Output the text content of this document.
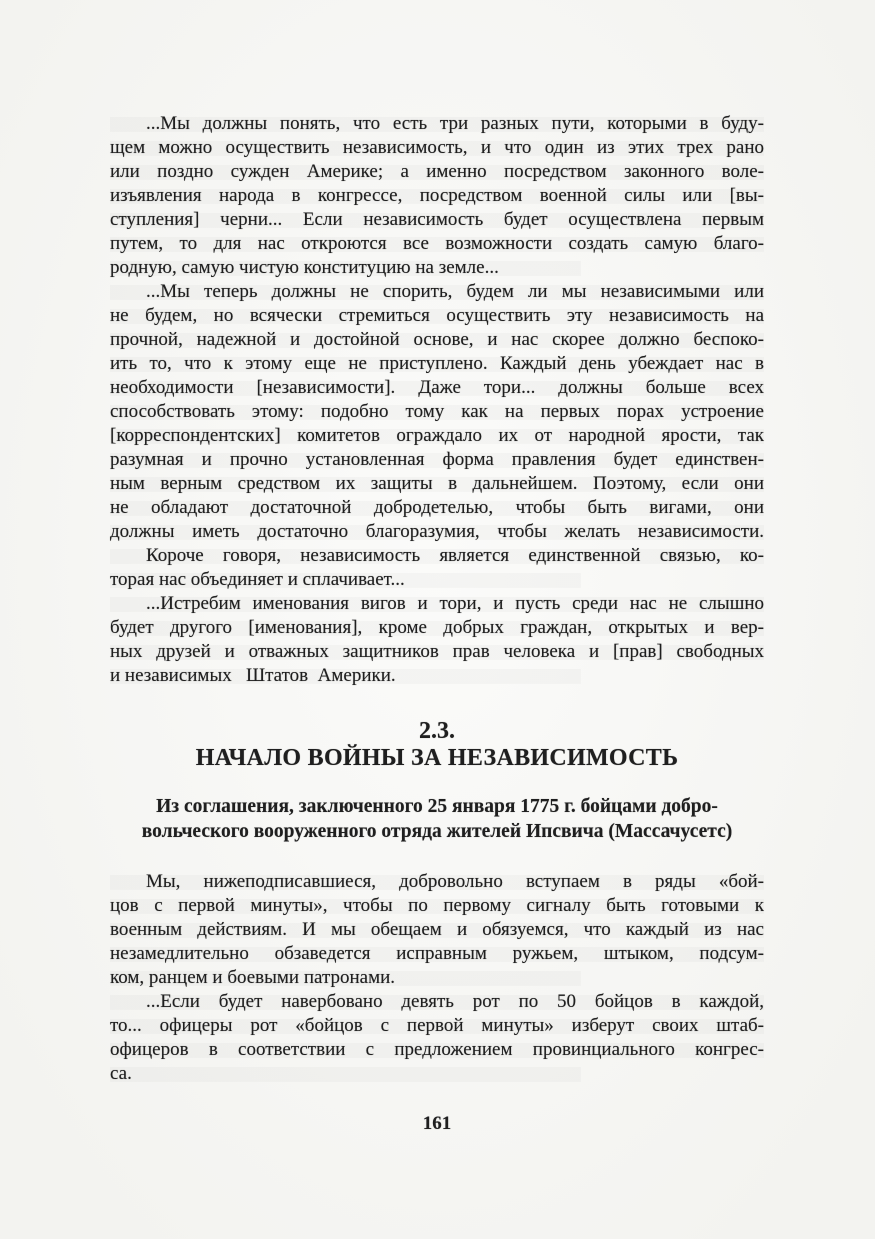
...Мы должны понять, что есть три разных пути, которыми в буду-
щем можно осуществить независимость, и что один из этих трех рано
или поздно сужден Америке; а именно посредством законного воле-
изъявления народа в конгрессе, посредством военной силы или [вы-
ступления] черни... Если независимость будет осуществлена первым
путем, то для нас откроются все возможности создать самую благо-
родную, самую чистую конституцию на земле...
...Мы теперь должны не спорить, будем ли мы независимыми или
не будем, но всячески стремиться осуществить эту независимость на
прочной, надежной и достойной основе, и нас скорее должно беспоко-
ить то, что к этому еще не приступлено. Каждый день убеждает нас в
необходимости [независимости]. Даже тори... должны больше всех
способствовать этому: подобно тому как на первых порах устроение
[корреспондентских] комитетов ограждало их от народной ярости, так
разумная и прочно установленная форма правления будет единствен-
ным верным средством их защиты в дальнейшем. Поэтому, если они
не обладают достаточной добродетелью, чтобы быть вигами, они
должны иметь достаточно благоразумия, чтобы желать независимости.
Короче говоря, независимость является единственной связью, ко-
торая нас объединяет и сплачивает...
...Истребим именования вигов и тори, и пусть среди нас не слышно
будет другого [именования], кроме добрых граждан, открытых и вер-
ных друзей и отважных защитников прав человека и [прав] свободных
и независимых   Штатов  Америки.
2.3.
НАЧАЛО ВОЙНЫ ЗА НЕЗАВИСИМОСТЬ
Из соглашения, заключенного 25 января 1775 г. бойцами добро-
вольческого вооруженного отряда жителей Ипсвича (Массачусетс)
Мы, нижеподписавшиеся, добровольно вступаем в ряды «бой-
цов с первой минуты», чтобы по первому сигналу быть готовыми к
военным действиям. И мы обещаем и обязуемся, что каждый из нас
незамедлительно обзаведется исправным ружьем, штыком, подсум-
ком, ранцем и боевыми патронами.
...Если будет навербовано девять рот по 50 бойцов в каждой,
то... офицеры рот «бойцов с первой минуты» изберут своих штаб-
офицеров в соответствии с предложением провинциального конгрес-
са.
161
